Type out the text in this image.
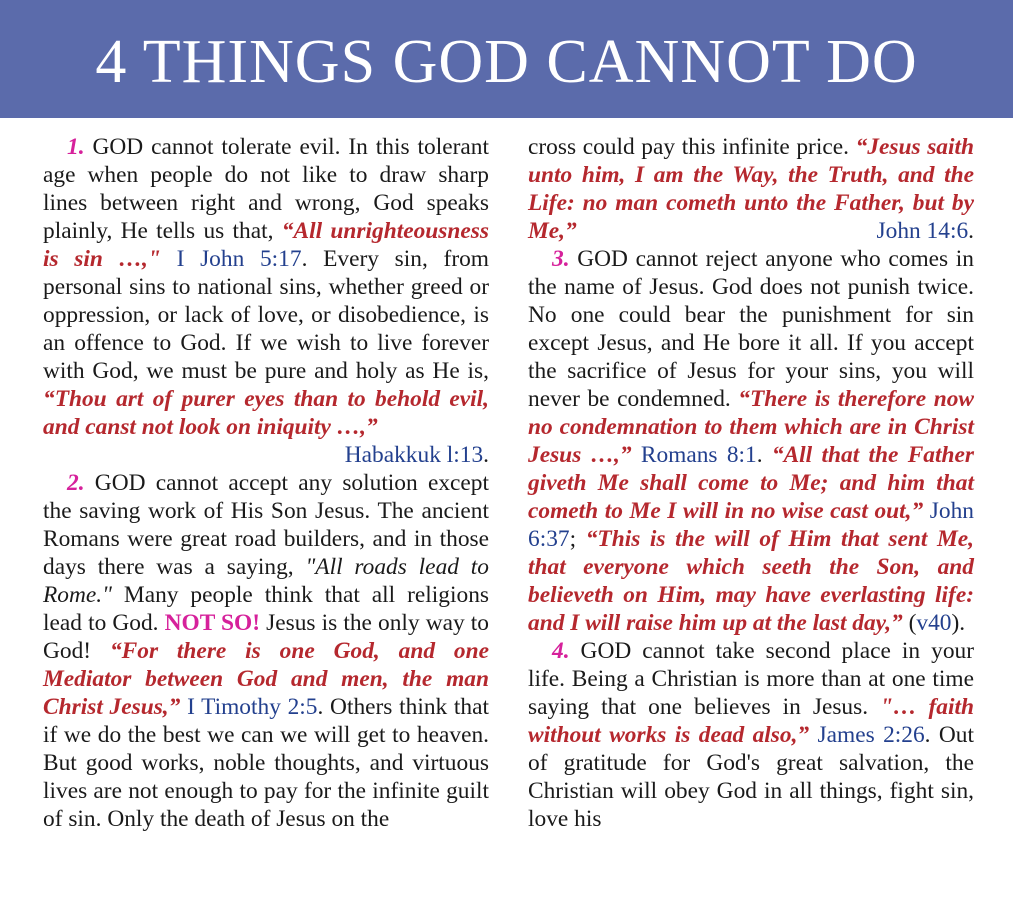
4 THINGS GOD CANNOT DO

1. GOD cannot tolerate evil. In this tolerant age when people do not like to draw sharp lines between right and wrong, God speaks plainly, He tells us that, “All unrighteousness is sin …," I John 5:17. Every sin, from personal sins to national sins, whether greed or oppression, or lack of love, or disobedience, is an offence to God. If we wish to live forever with God, we must be pure and holy as He is, “Thou art of purer eyes than to behold evil, and canst not look on iniquity …,”
Habakkuk l:13.

2. GOD cannot accept any solution except the saving work of His Son Jesus. The ancient Romans were great road builders, and in those days there was a saying, "All roads lead to Rome." Many people think that all religions lead to God. NOT SO! Jesus is the only way to God! “For there is one God, and one Mediator between God and men, the man Christ Jesus,” I Timothy 2:5. Others think that if we do the best we can we will get to heaven. But good works, noble thoughts, and virtuous lives are not enough to pay for the infinite guilt of sin. Only the death of Jesus on the

cross could pay this infinite price. “Jesus saith unto him, I am the Way, the Truth, and the Life: no man cometh unto the Father, but by Me,”	John 14:6.

3. GOD cannot reject anyone who comes in the name of Jesus. God does not punish twice. No one could bear the punishment for sin except Jesus, and He bore it all. If you accept the sacrifice of Jesus for your sins, you will never be condemned. “There is therefore now no condemnation to them which are in Christ Jesus …,” Romans 8:1. “All that the Father giveth Me shall come to Me; and him that cometh to Me I will in no wise cast out,” John 6:37; “This is the will of Him that sent Me, that everyone which seeth the Son, and believeth on Him, may have everlasting life: and I will raise him up at the last day,” (v40).

4. GOD cannot take second place in your life. Being a Christian is more than at one time saying that one believes in Jesus. "… faith without works is dead also,” James 2:26. Out of gratitude for God's great salvation, the Christian will obey God in all things, fight sin, love his
